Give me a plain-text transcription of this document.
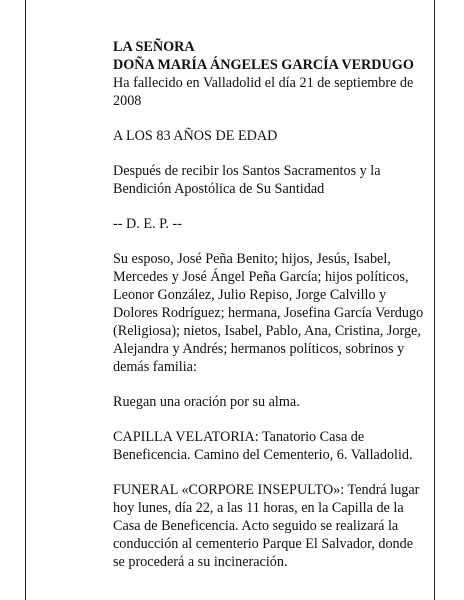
LA SEÑORA

DOÑA MARÍA ÁNGELES GARCÍA VERDUGO

Ha fallecido en Valladolid el día 21 de septiembre de 2008

A LOS 83 AÑOS DE EDAD

Después de recibir los Santos Sacramentos y la Bendición Apostólica de Su Santidad

-- D. E. P. --

Su esposo, José Peña Benito; hijos, Jesús, Isabel, Mercedes y José Ángel Peña García; hijos políticos, Leonor González, Julio Repiso, Jorge Calvillo y Dolores Rodríguez; hermana, Josefina García Verdugo (Religiosa); nietos, Isabel, Pablo, Ana, Cristina, Jorge, Alejandra y Andrés; hermanos políticos, sobrinos y demás familia:

Ruegan una oración por su alma.

CAPILLA VELATORIA: Tanatorio Casa de Beneficencia. Camino del Cementerio, 6. Valladolid.

FUNERAL «CORPORE INSEPULTO»: Tendrá lugar hoy lunes, día 22, a las 11 horas, en la Capilla de la Casa de Beneficencia. Acto seguido se realizará la conducción al cementerio Parque El Salvador, donde se procederá a su incineración.
